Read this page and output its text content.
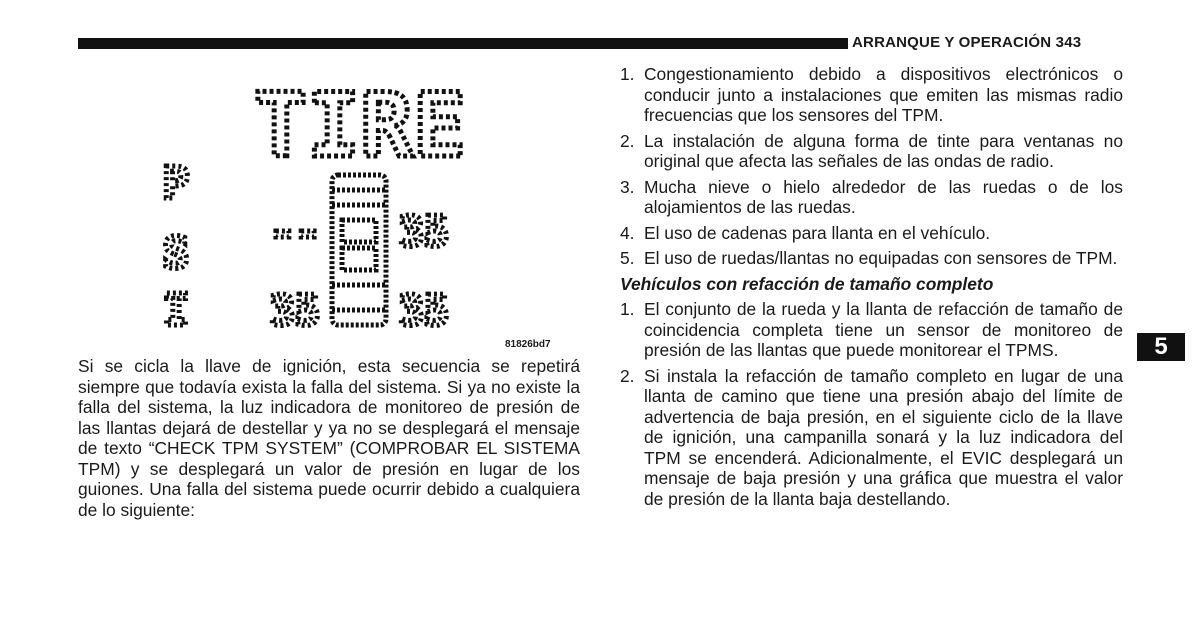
ARRANQUE Y OPERACIÓN 343
TIRE
P
S
I
-- 35
35 35
81826bd7

Si se cicla la llave de ignición, esta secuencia se repetirá siempre que todavía exista la falla del sistema. Si ya no existe la falla del sistema, la luz indicadora de monitoreo de presión de las llantas dejará de destellar y ya no se desplegará el mensaje de texto “CHECK TPM SYSTEM” (COMPROBAR EL SISTEMA TPM) y se desplegará un valor de presión en lugar de los guiones. Una falla del sistema puede ocurrir debido a cualquiera de lo siguiente:

1. Congestionamiento debido a dispositivos electrónicos o conducir junto a instalaciones que emiten las mismas radio frecuencias que los sensores del TPM.
2. La instalación de alguna forma de tinte para ventanas no original que afecta las señales de las ondas de radio.
3. Mucha nieve o hielo alrededor de las ruedas o de los alojamientos de las ruedas.
4. El uso de cadenas para llanta en el vehículo.
5. El uso de ruedas/llantas no equipadas con sensores de TPM.
Vehículos con refacción de tamaño completo
1. El conjunto de la rueda y la llanta de refacción de tamaño de coincidencia completa tiene un sensor de monitoreo de presión de las llantas que puede monitorear el TPMS.
2. Si instala la refacción de tamaño completo en lugar de una llanta de camino que tiene una presión abajo del límite de advertencia de baja presión, en el siguiente ciclo de la llave de ignición, una campanilla sonará y la luz indicadora del TPM se encenderá. Adicionalmente, el EVIC desplegará un mensaje de baja presión y una gráfica que muestra el valor de presión de la llanta baja destellando.
5
